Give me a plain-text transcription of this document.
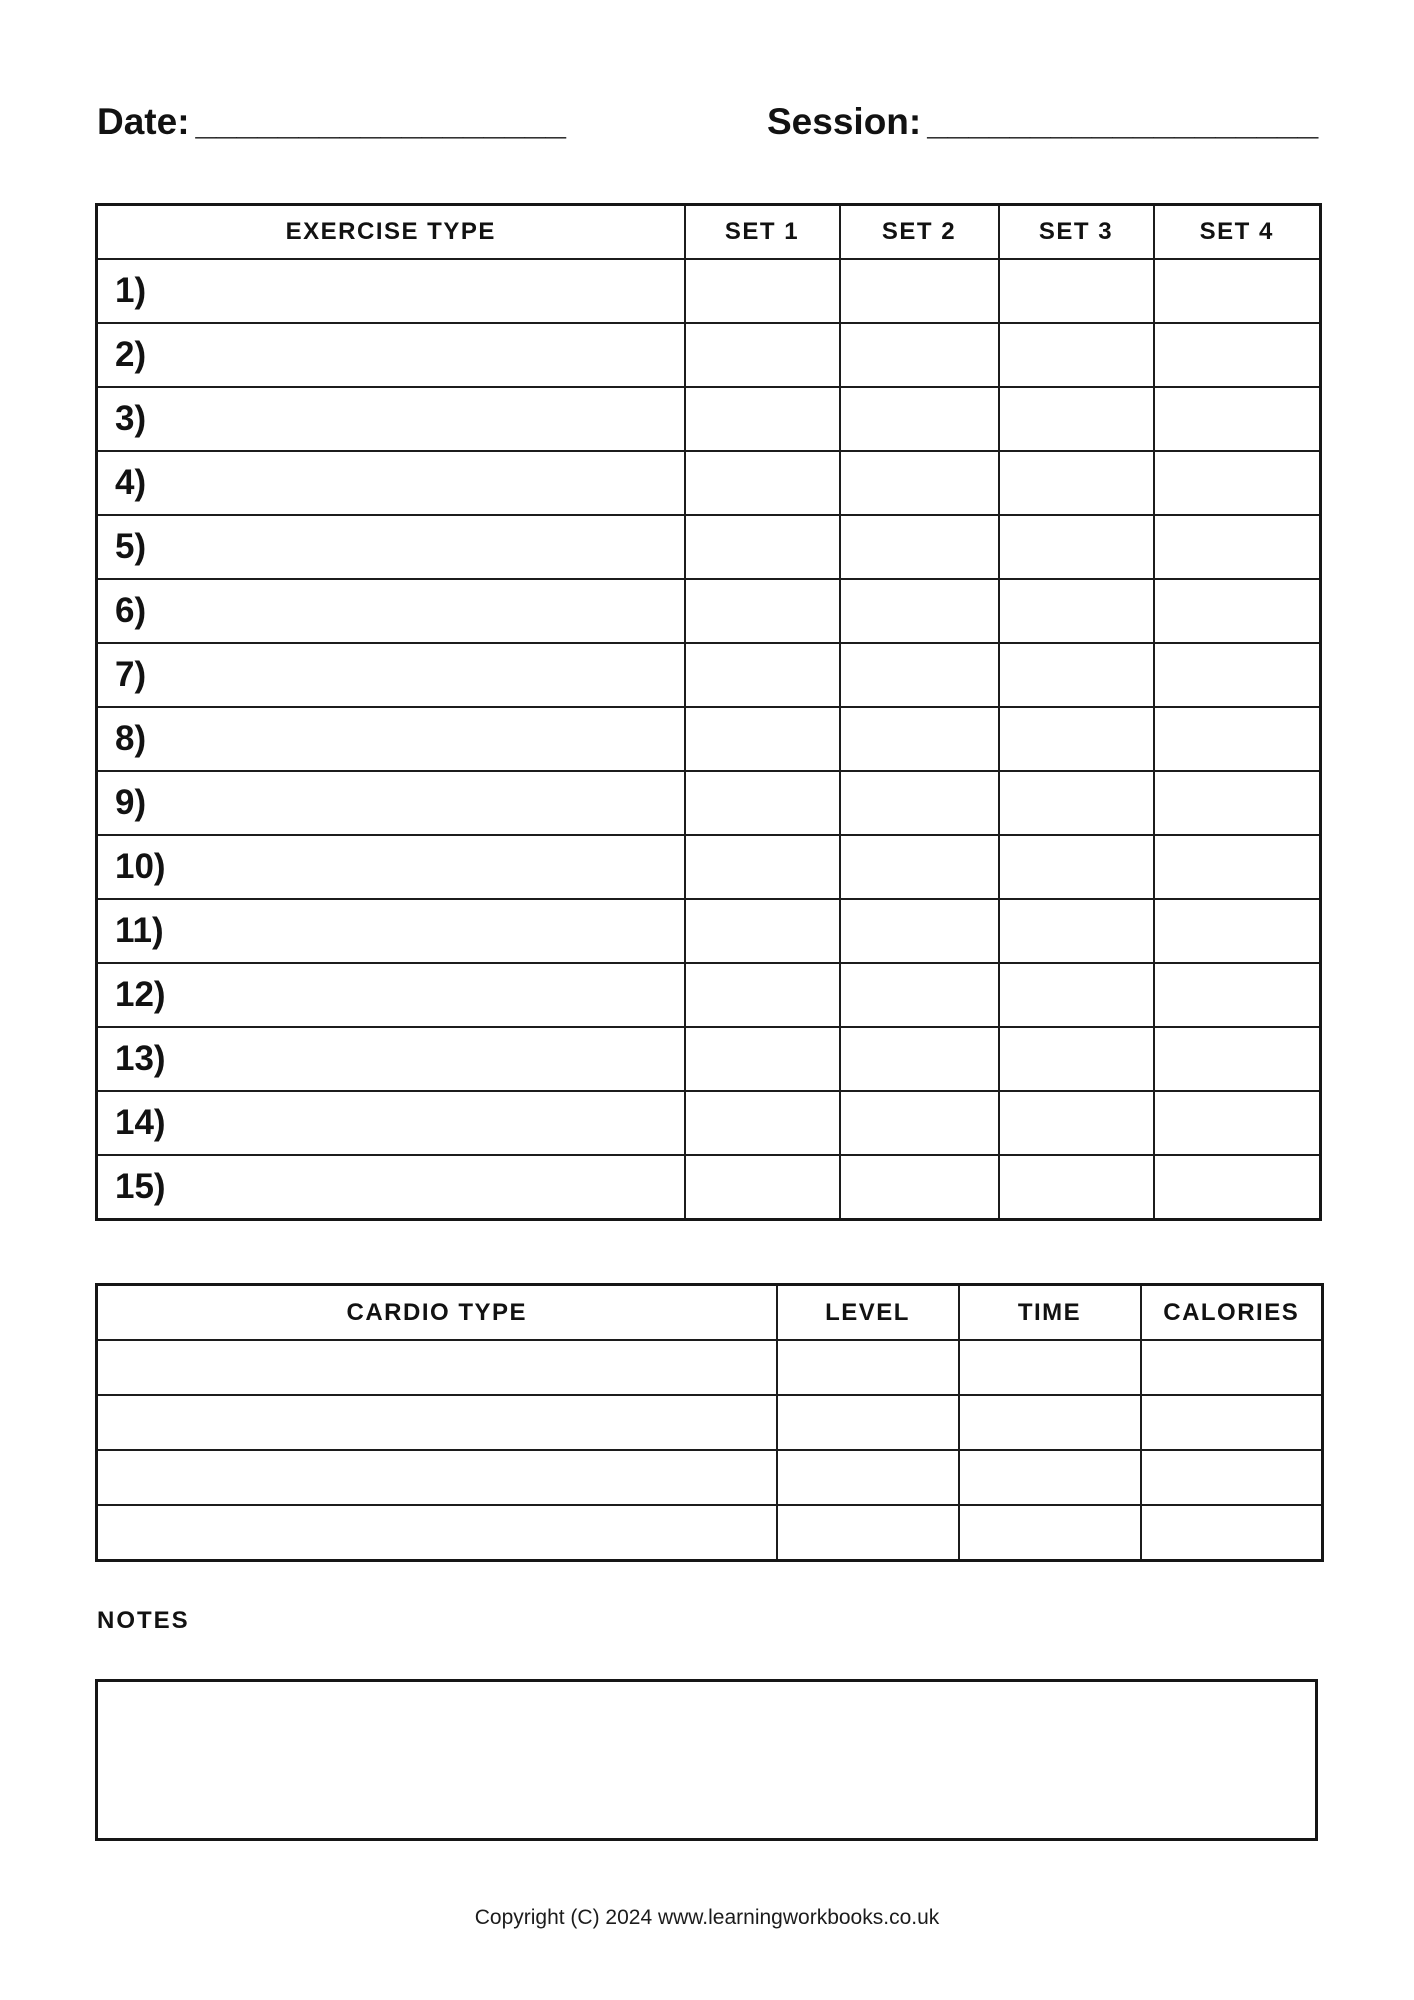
Date: __________________	Session: ___________________
EXERCISE TYPE	SET 1	SET 2	SET 3	SET 4
1)				
2)				
3)				
4)				
5)				
6)				
7)				
8)				
9)				
10)				
11)				
12)				
13)				
14)				
15)				
CARDIO TYPE	LEVEL	TIME	CALORIES

NOTES
Copyright (C) 2024 www.learningworkbooks.co.uk
